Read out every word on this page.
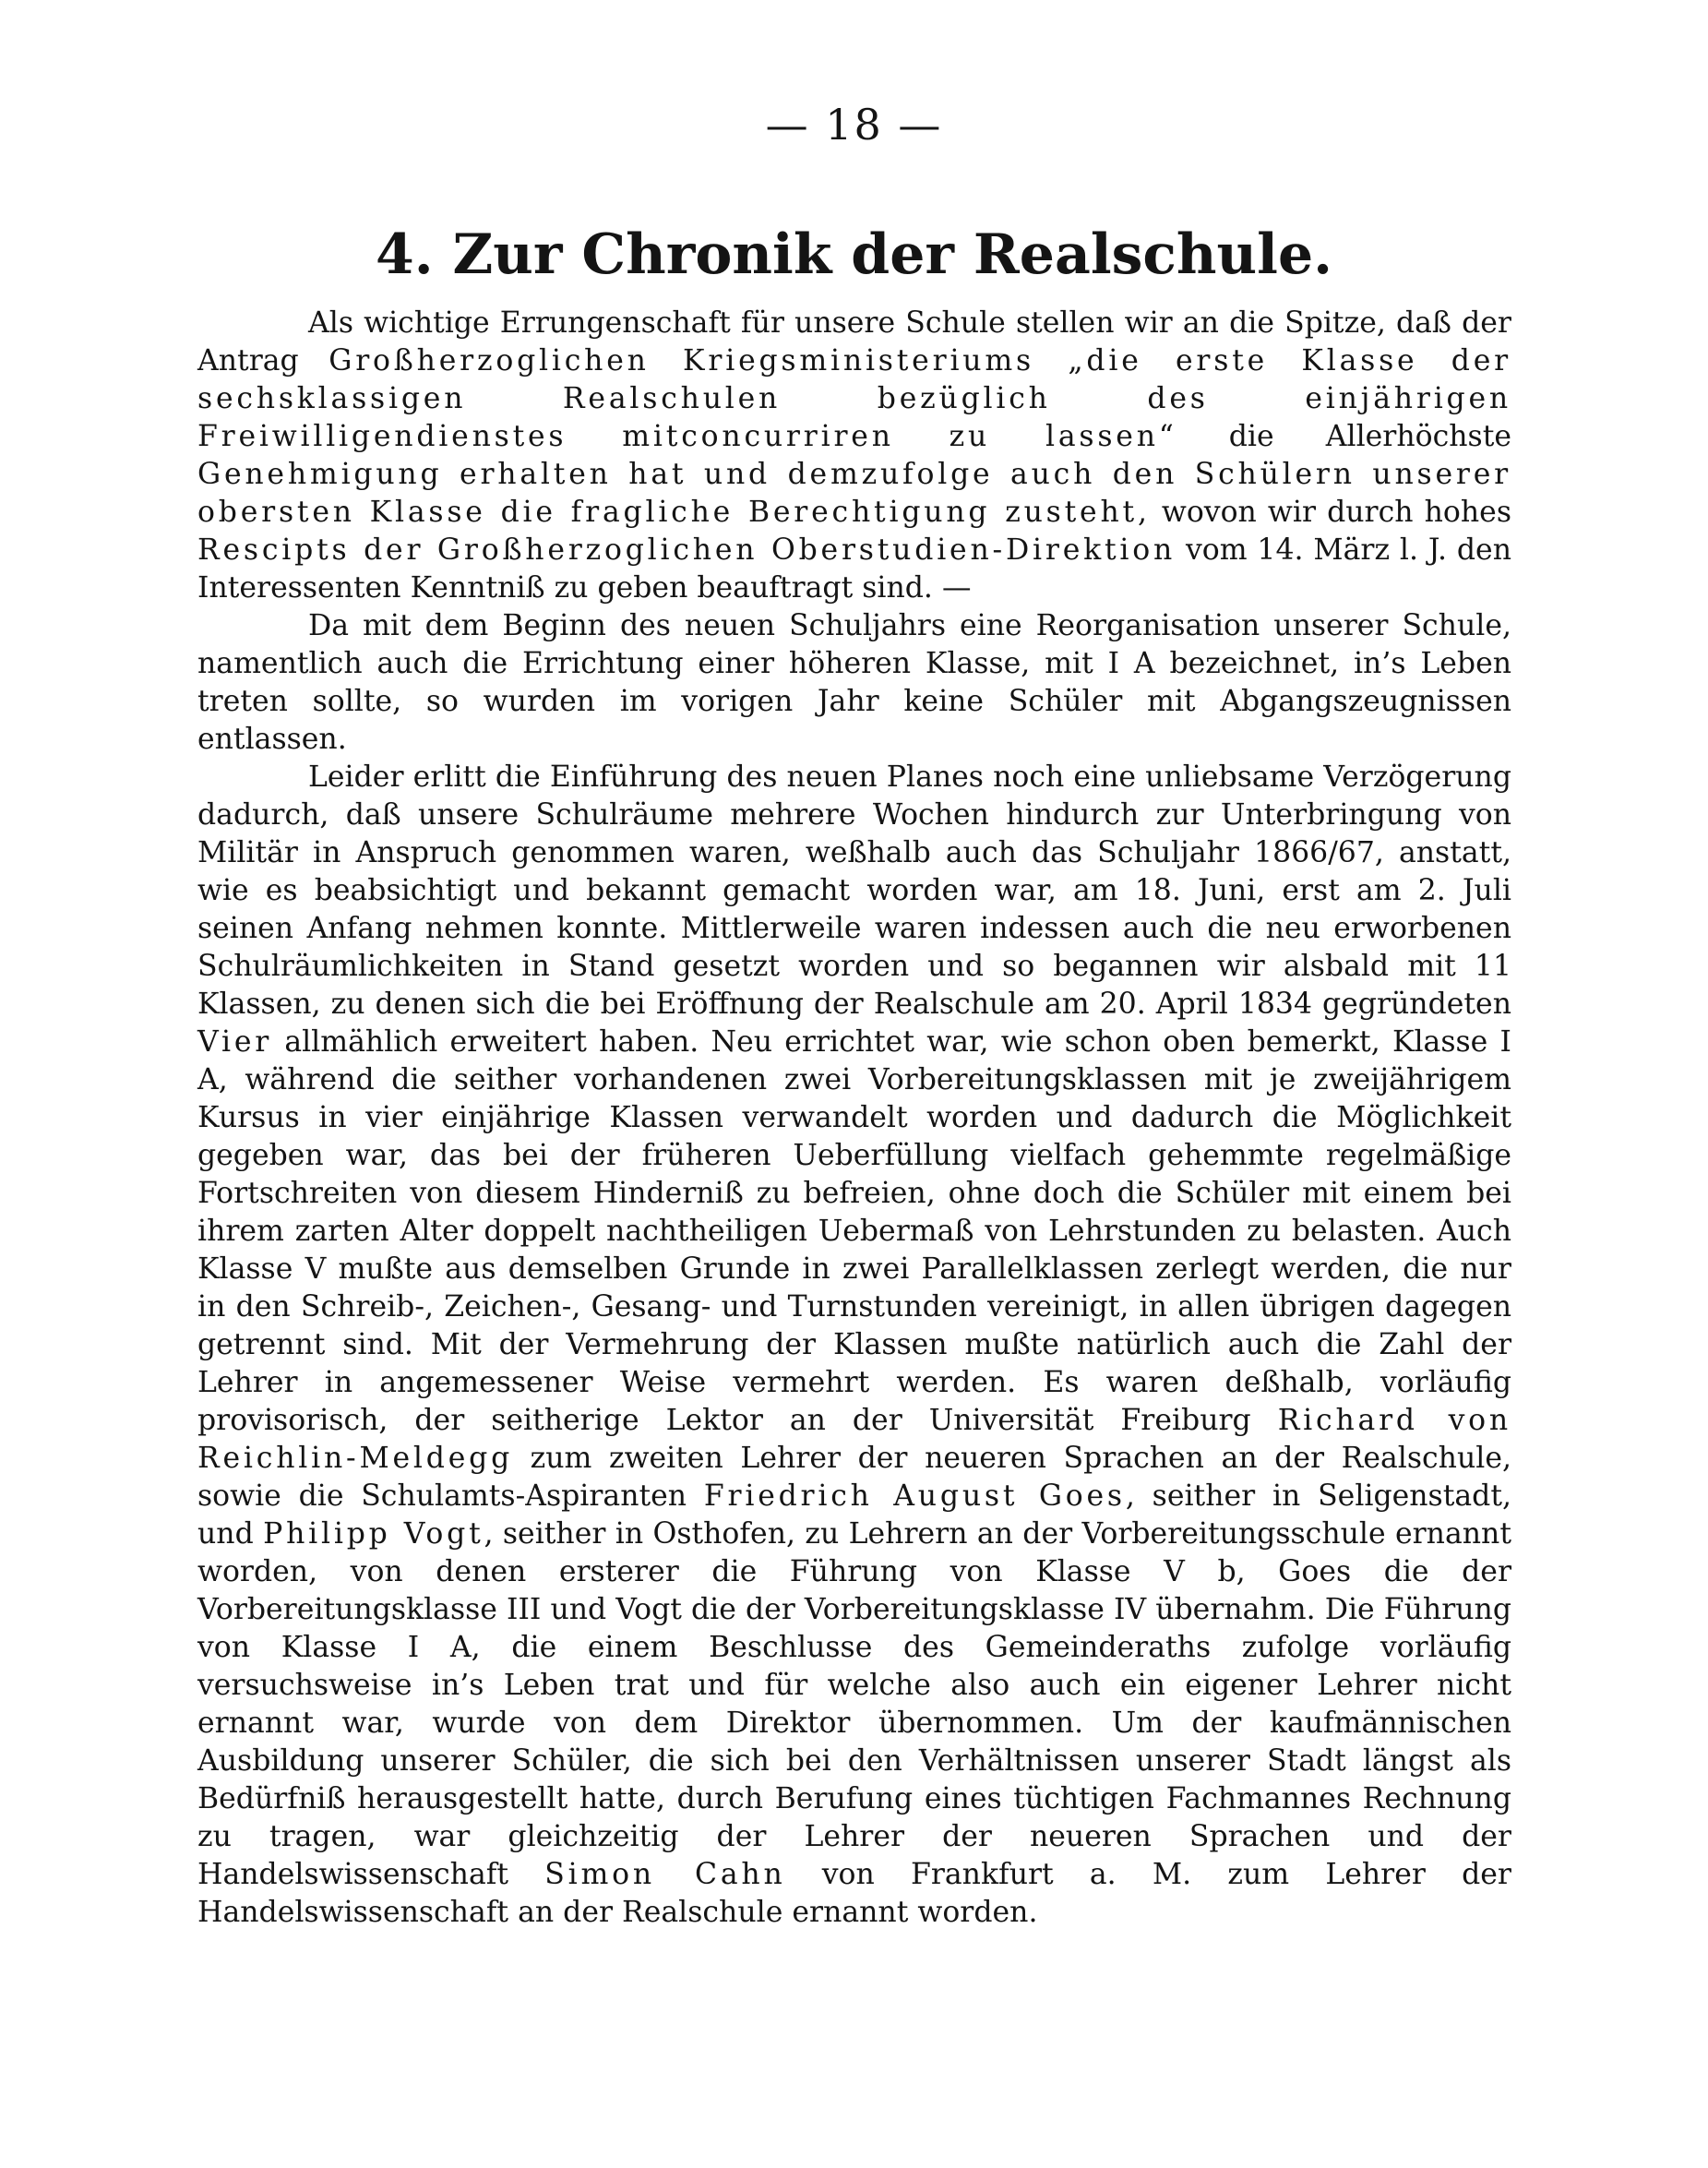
— 18 —
4. Zur Chronik der Realschule.

Als wichtige Errungenschaft für unsere Schule stellen wir an die Spitze, daß der Antrag Großherzoglichen Kriegsministeriums „die erste Klasse der sechsklassigen Realschulen bezüglich des einjährigen Freiwilligendienstes mitconcurriren zu lassen“ die Allerhöchste Genehmigung erhalten hat und demzufolge auch den Schülern unserer obersten Klasse die fragliche Berechtigung zusteht, wovon wir durch hohes Rescipts der Großherzoglichen Oberstudien-Direktion vom 14. März l. J. den Interessenten Kenntniß zu geben beauftragt sind. —

Da mit dem Beginn des neuen Schuljahrs eine Reorganisation unserer Schule, namentlich auch die Errichtung einer höheren Klasse, mit I A bezeichnet, in’s Leben treten sollte, so wurden im vorigen Jahr keine Schüler mit Abgangszeugnissen entlassen.

Leider erlitt die Einführung des neuen Planes noch eine unliebsame Verzögerung dadurch, daß unsere Schulräume mehrere Wochen hindurch zur Unterbringung von Militär in Anspruch genommen waren, weßhalb auch das Schuljahr 1866/67, anstatt, wie es beabsichtigt und bekannt gemacht worden war, am 18. Juni, erst am 2. Juli seinen Anfang nehmen konnte. Mittlerweile waren indessen auch die neu erworbenen Schulräumlichkeiten in Stand gesetzt worden und so begannen wir alsbald mit 11 Klassen, zu denen sich die bei Eröffnung der Realschule am 20. April 1834 gegründeten Vier allmählich erweitert haben. Neu errichtet war, wie schon oben bemerkt, Klasse I A, während die seither vorhandenen zwei Vorbereitungsklassen mit je zweijährigem Kursus in vier einjährige Klassen verwandelt worden und dadurch die Möglichkeit gegeben war, das bei der früheren Ueberfüllung vielfach gehemmte regelmäßige Fortschreiten von diesem Hinderniß zu befreien, ohne doch die Schüler mit einem bei ihrem zarten Alter doppelt nachtheiligen Uebermaß von Lehrstunden zu belasten. Auch Klasse V mußte aus demselben Grunde in zwei Parallelklassen zerlegt werden, die nur in den Schreib-, Zeichen-, Gesang- und Turnstunden vereinigt, in allen übrigen dagegen getrennt sind. Mit der Vermehrung der Klassen mußte natürlich auch die Zahl der Lehrer in angemessener Weise vermehrt werden. Es waren deßhalb, vorläufig provisorisch, der seitherige Lektor an der Universität Freiburg Richard von Reichlin-Meldegg zum zweiten Lehrer der neueren Sprachen an der Realschule, sowie die Schulamts-Aspiranten Friedrich August Goes, seither in Seligenstadt, und Philipp Vogt, seither in Osthofen, zu Lehrern an der Vorbereitungsschule ernannt worden, von denen ersterer die Führung von Klasse V b, Goes die der Vorbereitungsklasse III und Vogt die der Vorbereitungsklasse IV übernahm. Die Führung von Klasse I A, die einem Beschlusse des Gemeinderaths zufolge vorläufig versuchsweise in’s Leben trat und für welche also auch ein eigener Lehrer nicht ernannt war, wurde von dem Direktor übernommen. Um der kaufmännischen Ausbildung unserer Schüler, die sich bei den Verhältnissen unserer Stadt längst als Bedürfniß herausgestellt hatte, durch Berufung eines tüchtigen Fachmannes Rechnung zu tragen, war gleichzeitig der Lehrer der neueren Sprachen und der Handelswissenschaft Simon Cahn von Frankfurt a. M. zum Lehrer der Handelswissenschaft an der Realschule ernannt worden.
